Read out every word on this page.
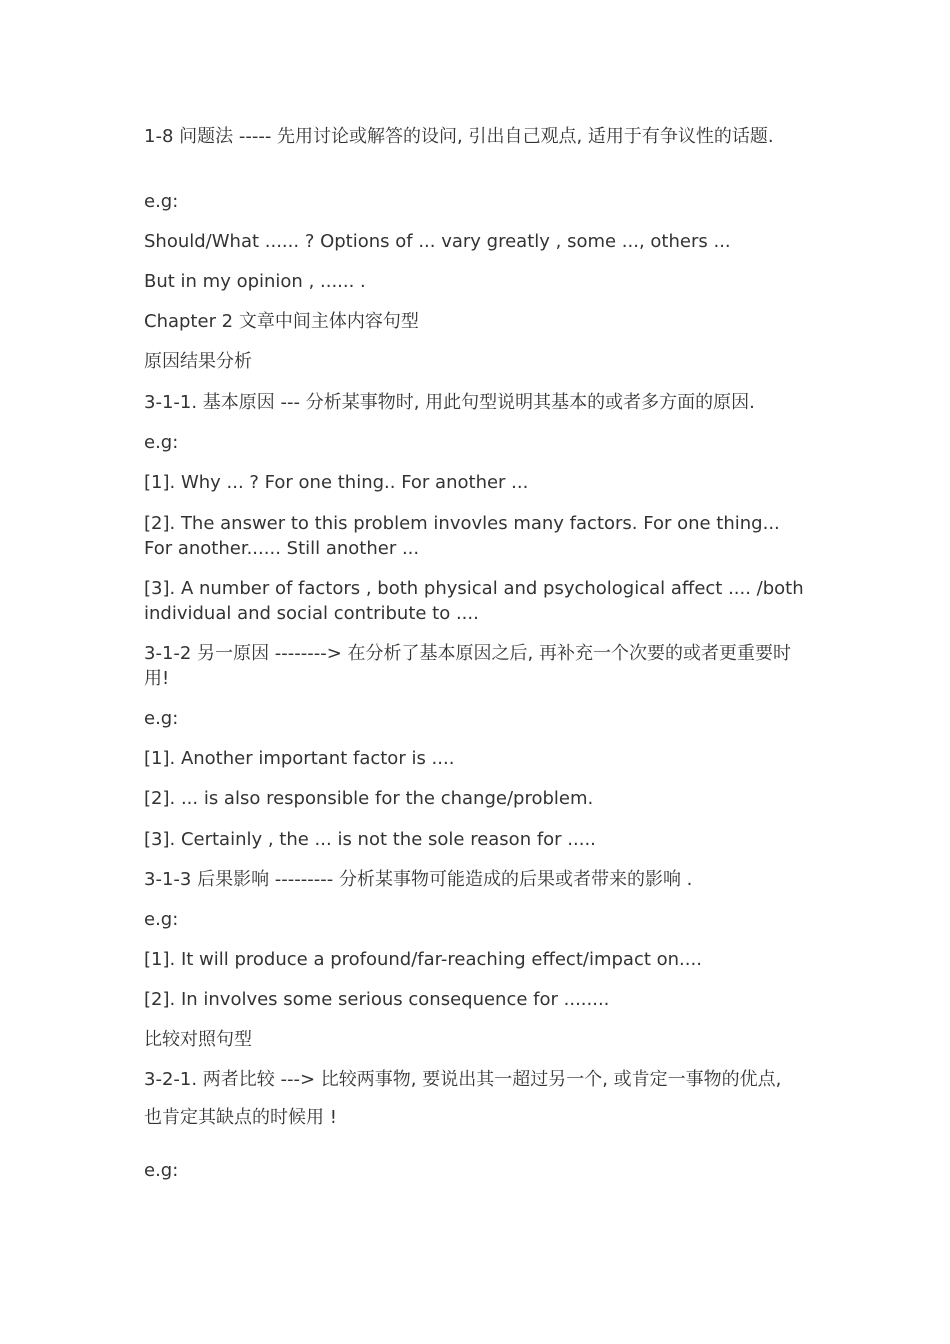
1-8 问题法 ----- 先用讨论或解答的设问, 引出自己观点, 适用于有争议性的话题.

e.g:

Should/What ...... ? Options of ... vary greatly , some ..., others ...

But in my opinion , ...... .

Chapter 2 文章中间主体内容句型

原因结果分析

3-1-1. 基本原因 --- 分析某事物时, 用此句型说明其基本的或者多方面的原因.

e.g:

[1]. Why ... ? For one thing.. For another ...

[2]. The answer to this problem invovles many factors. For one thing... For another...... Still another ...

[3]. A number of factors , both physical and psychological affect .... /both individual and social contribute to ....

3-1-2 另一原因 --------> 在分析了基本原因之后, 再补充一个次要的或者更重要时用!

e.g:

[1]. Another important factor is ....

[2]. ... is also responsible for the change/problem.

[3]. Certainly , the ... is not the sole reason for .....

3-1-3 后果影响 --------- 分析某事物可能造成的后果或者带来的影响 .

e.g:

[1]. It will produce a profound/far-reaching effect/impact on....

[2]. In involves some serious consequence for ........

比较对照句型

3-2-1. 两者比较 ---> 比较两事物, 要说出其一超过另一个, 或肯定一事物的优点, 也肯定其缺点的时候用 !

e.g:
